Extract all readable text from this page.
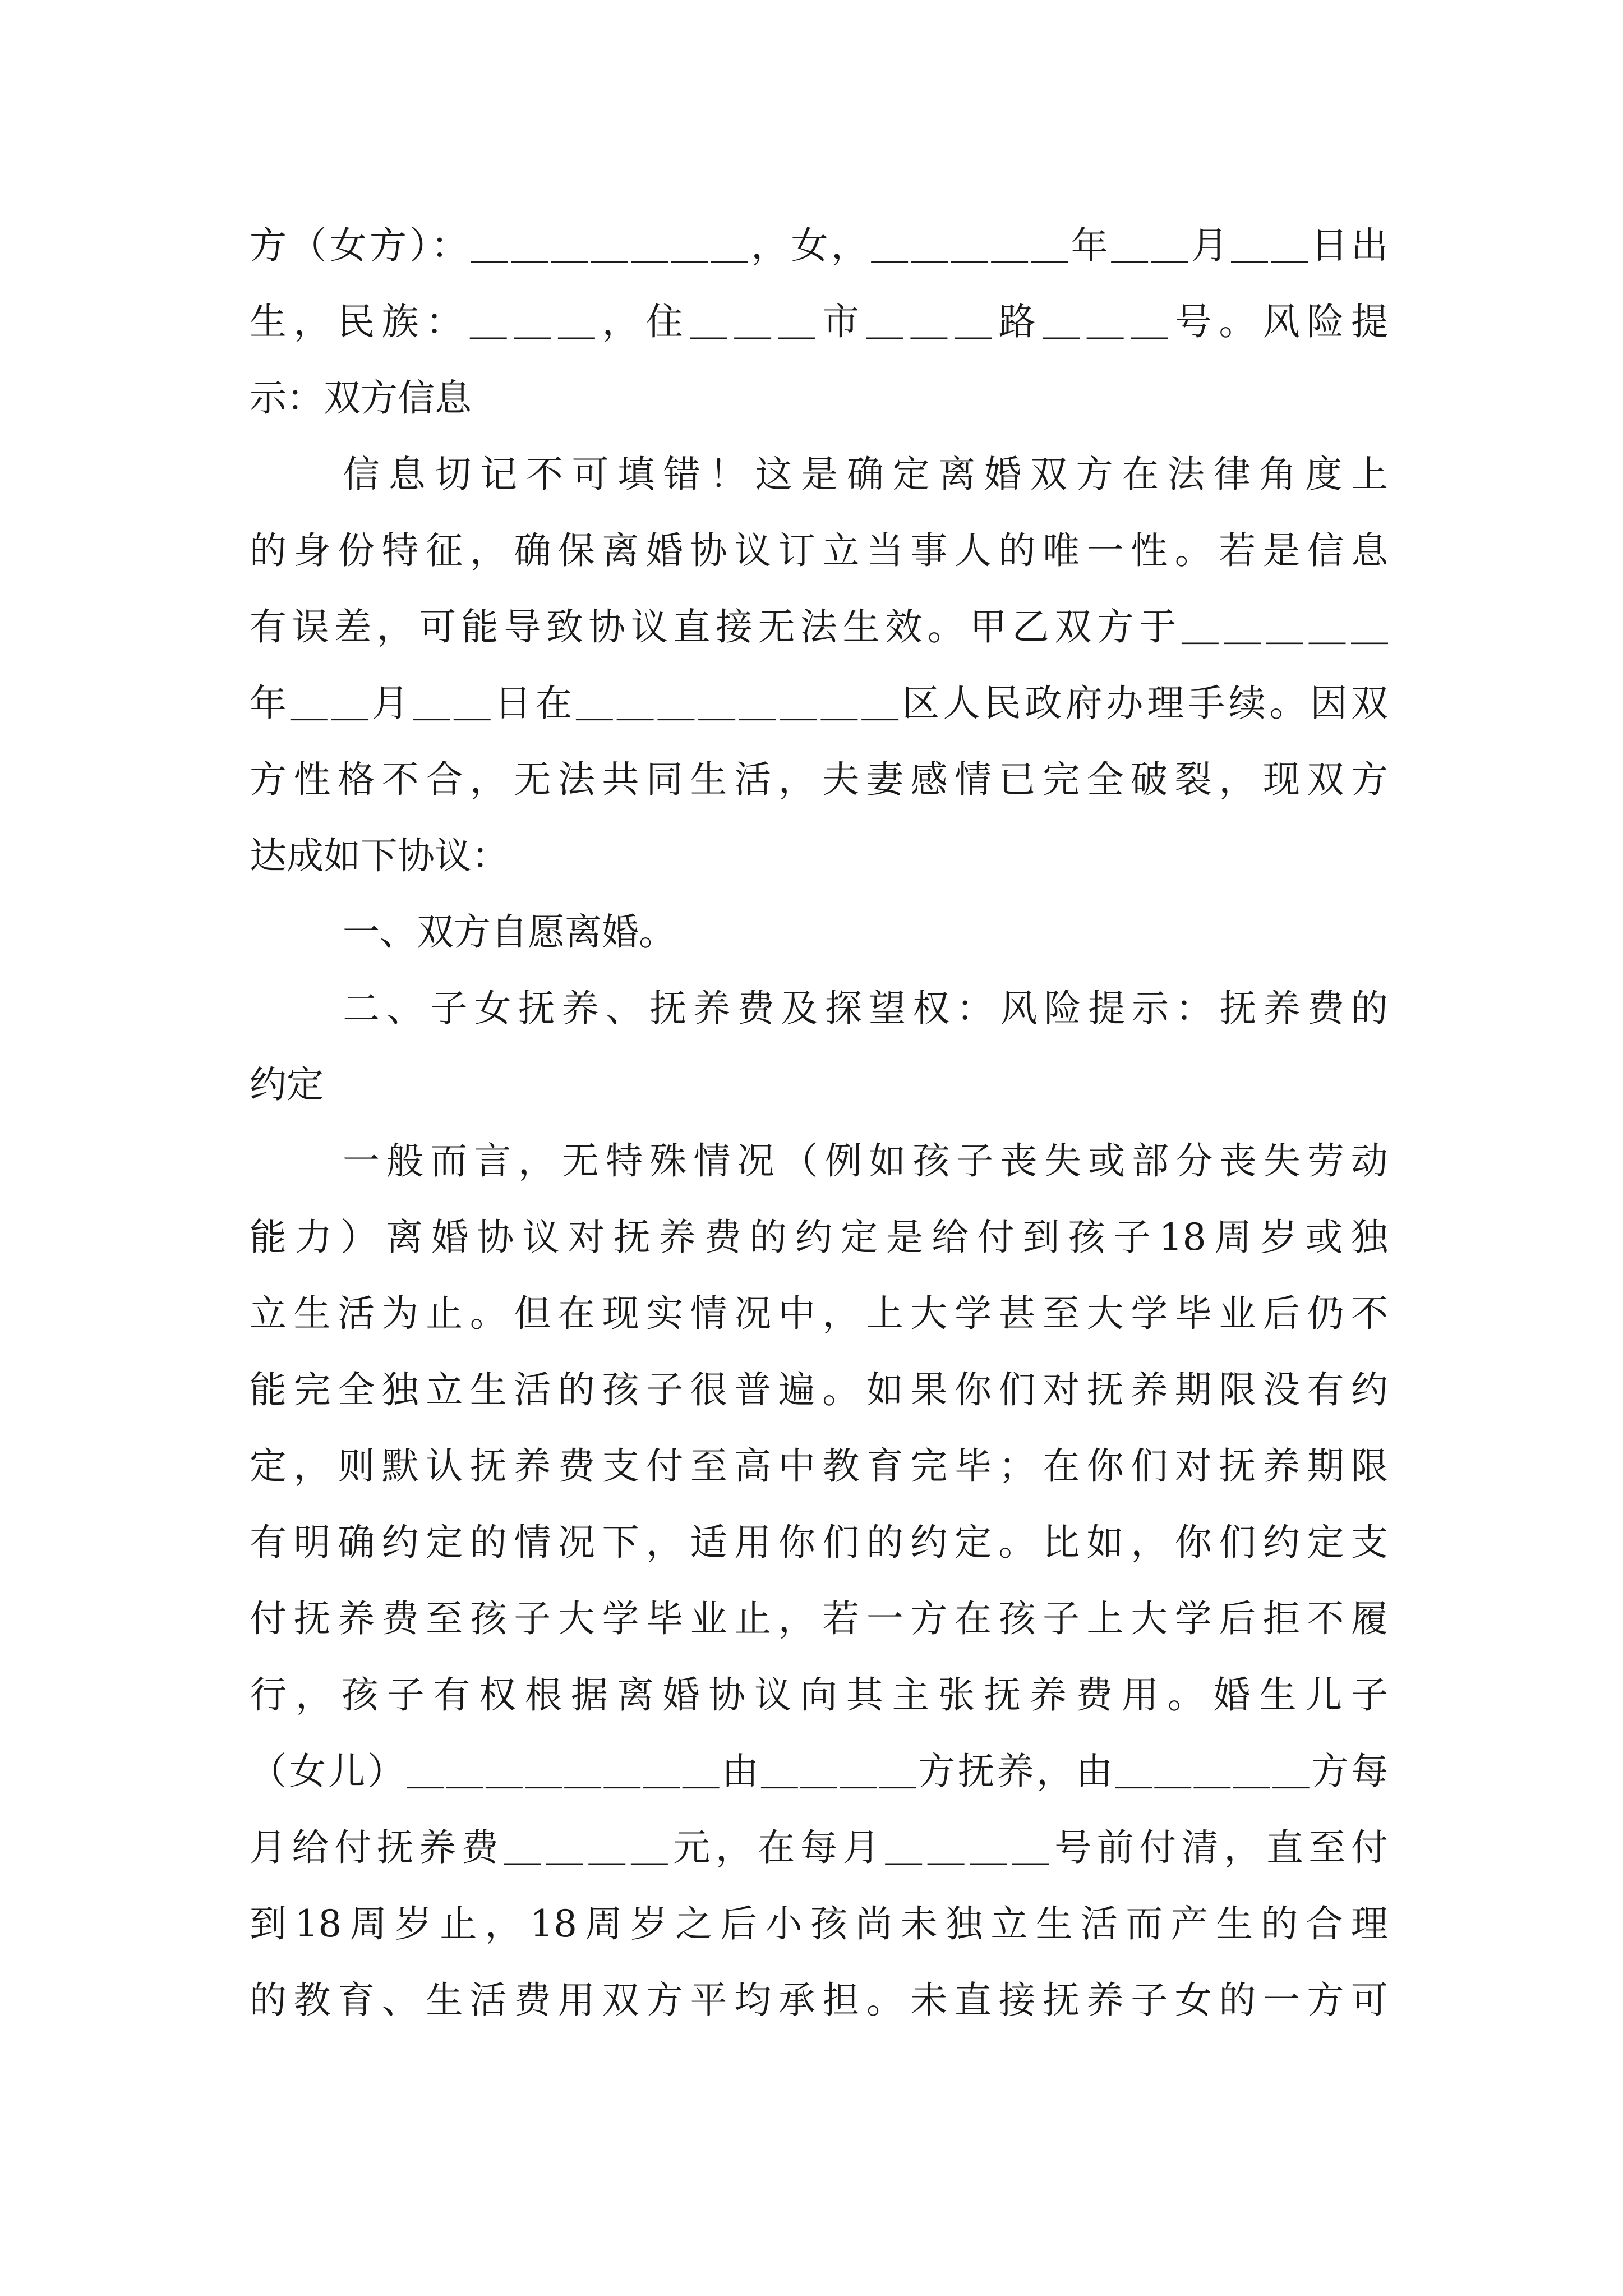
方（女方）：＿＿＿＿＿＿＿，女，＿＿＿＿＿年＿＿月＿＿日出
生，民族：＿＿＿，住＿＿＿市＿＿＿路＿＿＿号。风险提
示：双方信息
信息切记不可填错！这是确定离婚双方在法律角度上
的身份特征，确保离婚协议订立当事人的唯一性。若是信息
有误差，可能导致协议直接无法生效。甲乙双方于＿＿＿＿＿
年＿＿月＿＿日在＿＿＿＿＿＿＿＿区人民政府办理手续。因双
方性格不合，无法共同生活，夫妻感情已完全破裂，现双方
达成如下协议：
一、双方自愿离婚。
二、子女抚养、抚养费及探望权：风险提示：抚养费的
约定
一般而言，无特殊情况（例如孩子丧失或部分丧失劳动
能力）离婚协议对抚养费的约定是给付到孩子18周岁或独
立生活为止。但在现实情况中，上大学甚至大学毕业后仍不
能完全独立生活的孩子很普遍。如果你们对抚养期限没有约
定，则默认抚养费支付至高中教育完毕；在你们对抚养期限
有明确约定的情况下，适用你们的约定。比如，你们约定支
付抚养费至孩子大学毕业止，若一方在孩子上大学后拒不履
行，孩子有权根据离婚协议向其主张抚养费用。婚生儿子
（女儿）＿＿＿＿＿＿＿＿由＿＿＿＿方抚养，由＿＿＿＿＿方每
月给付抚养费＿＿＿＿元，在每月＿＿＿＿号前付清，直至付
到18周岁止，18周岁之后小孩尚未独立生活而产生的合理
的教育、生活费用双方平均承担。未直接抚养子女的一方可
